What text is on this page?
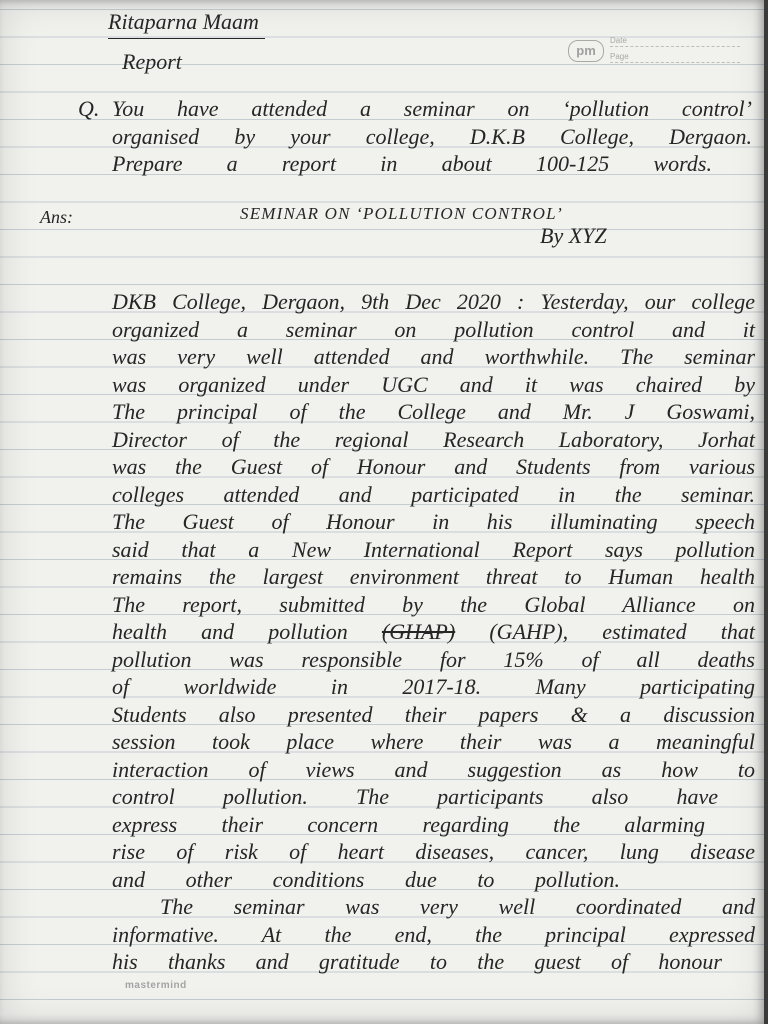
Ritaparna Maam
Report	pm
Date
Page
Q. You have attended a seminar on ‘pollution control’
organised by your college, D.K.B College, Dergaon.
Prepare a report in about 100-125 words.
Ans:	SEMINAR ON ‘POLLUTION CONTROL’
By XYZ
DKB College, Dergaon, 9th Dec 2020 : Yesterday, our college
organized a seminar on pollution control and it
was very well attended and worthwhile. The seminar
was organized under UGC and it was chaired by
The principal of the College and Mr. J Goswami,
Director of the regional Research Laboratory, Jorhat
was the Guest of Honour and Students from various
colleges attended and participated in the seminar.
The Guest of Honour in his illuminating speech
said that a New International Report says pollution
remains the largest environment threat to Human health
The report, submitted by the Global Alliance on
health and pollution (GHAP) (GAHP), estimated that
pollution was responsible for 15% of all deaths
of worldwide in 2017-18. Many participating
Students also presented their papers & a discussion
session took place where their was a meaningful
interaction of views and suggestion as how to
control pollution. The participants also have
express their concern regarding the alarming
rise of risk of heart diseases, cancer, lung disease
and other conditions due to pollution.
The seminar was very well coordinated and
informative. At the end, the principal expressed
his thanks and gratitude to the guest of honour
mastermind
